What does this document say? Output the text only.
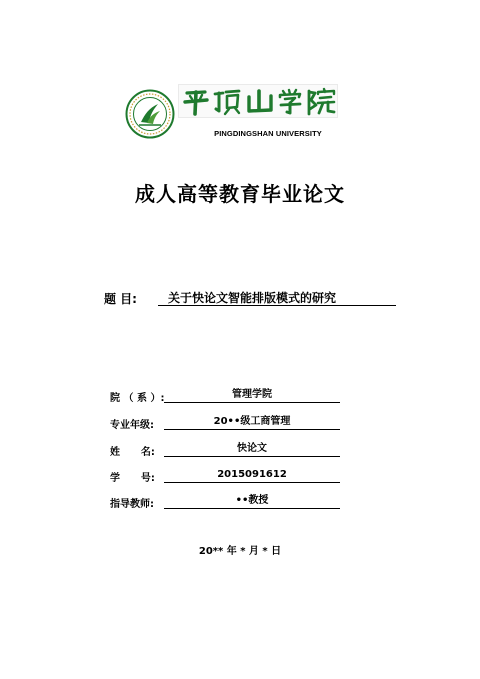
PINGDINGSHAN UNIVERSITY
成人高等教育毕业论文
题 目:	关于快论文智能排版模式的研究
院 （ 系 ）:	管理学院
专业年级:	20••级工商管理
姓      名:	快论文
学      号:	2015091612
指导教师:	••教授
20** 年 * 月 * 日
